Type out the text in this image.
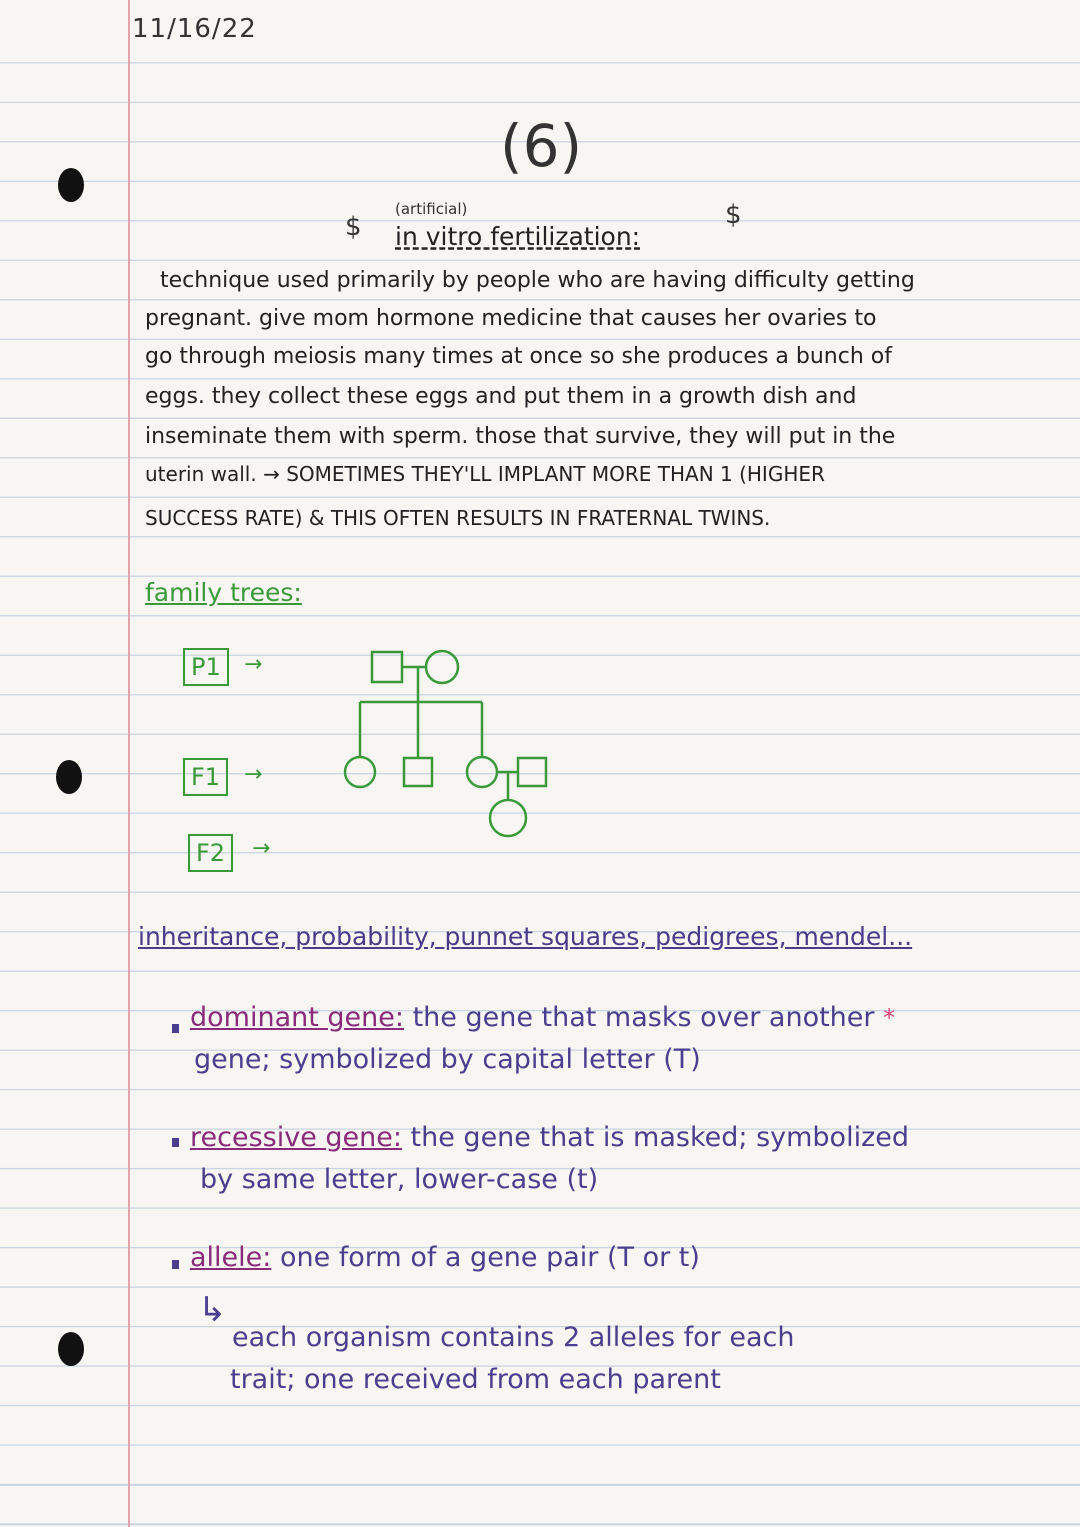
11/16/22
(6)
(artificial)
$ in vitro fertilization:
$
technique used primarily by people who are having difficulty getting
pregnant. give mom hormone medicine that causes her ovaries to
go through meiosis many times at once so she produces a bunch of
eggs. they collect these eggs and put them in a growth dish and
inseminate them with sperm. those that survive, they will put in the
uterin wall. → SOMETIMES THEY'LL IMPLANT MORE THAN 1 (HIGHER
SUCCESS RATE) & THIS OFTEN RESULTS IN FRATERNAL TWINS.
family trees:
P1	→
F1	→
F2	→
inheritance, probability, punnet squares, pedigrees, mendel...
dominant gene: the gene that masks over another *
gene; symbolized by capital letter (T)
recessive gene: the gene that is masked; symbolized
by same letter, lower-case (t)
allele: one form of a gene pair (T or t)
↳
each organism contains 2 alleles for each
trait; one received from each parent
